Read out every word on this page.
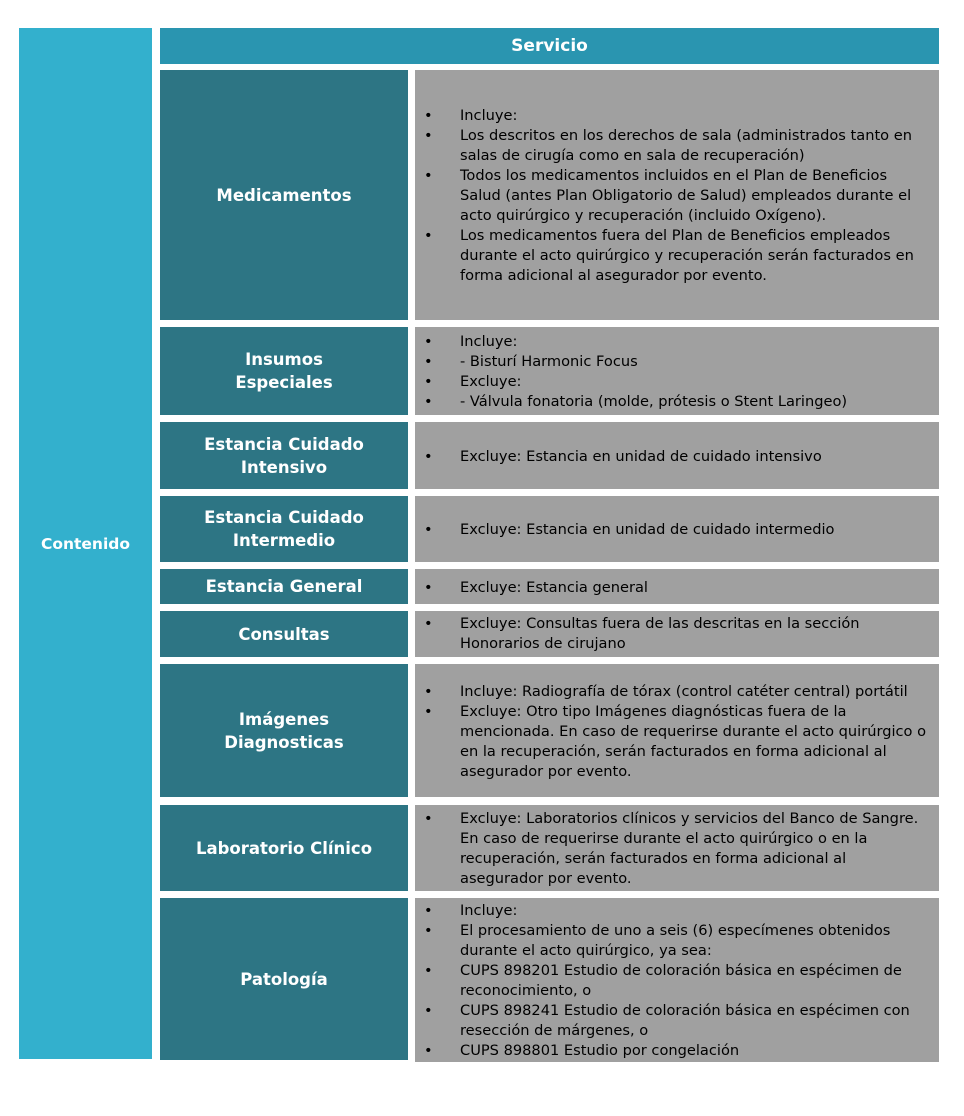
Contenido
Servicio
Medicamentos
• Incluye:
• Los descritos en los derechos de sala (administrados tanto en salas de cirugía como en sala de recuperación)
• Todos los medicamentos incluidos en el Plan de Beneficios Salud (antes Plan Obligatorio de Salud) empleados durante el acto quirúrgico y recuperación (incluido Oxígeno).
• Los medicamentos fuera del Plan de Beneficios empleados durante el acto quirúrgico y recuperación serán facturados en forma adicional al asegurador por evento.
Insumos Especiales
• Incluye:
• - Bisturí Harmonic Focus
• Excluye:
• - Válvula fonatoria (molde, prótesis o Stent Laringeo)
Estancia Cuidado Intensivo
• Excluye: Estancia en unidad de cuidado intensivo
Estancia Cuidado Intermedio
• Excluye: Estancia en unidad de cuidado intermedio
Estancia General
•	Excluye: Estancia general
Consultas
• Excluye: Consultas fuera de las descritas en la sección Honorarios de cirujano
Imágenes Diagnosticas
• Incluye: Radiografía de tórax (control catéter central) portátil
• Excluye: Otro tipo Imágenes diagnósticas fuera de la mencionada. En caso de requerirse durante el acto quirúrgico o en la recuperación, serán facturados en forma adicional al asegurador por evento.
Laboratorio Clínico
• Excluye: Laboratorios clínicos y servicios del Banco de Sangre. En caso de requerirse durante el acto quirúrgico o en la recuperación, serán facturados en forma adicional al asegurador por evento.
Patología
• Incluye:
• El procesamiento de uno a seis (6) especímenes obtenidos durante el acto quirúrgico, ya sea:
• CUPS 898201 Estudio de coloración básica en espécimen de reconocimiento, o
• CUPS 898241 Estudio de coloración básica en espécimen con resección de márgenes, o
• CUPS 898801 Estudio por congelación
